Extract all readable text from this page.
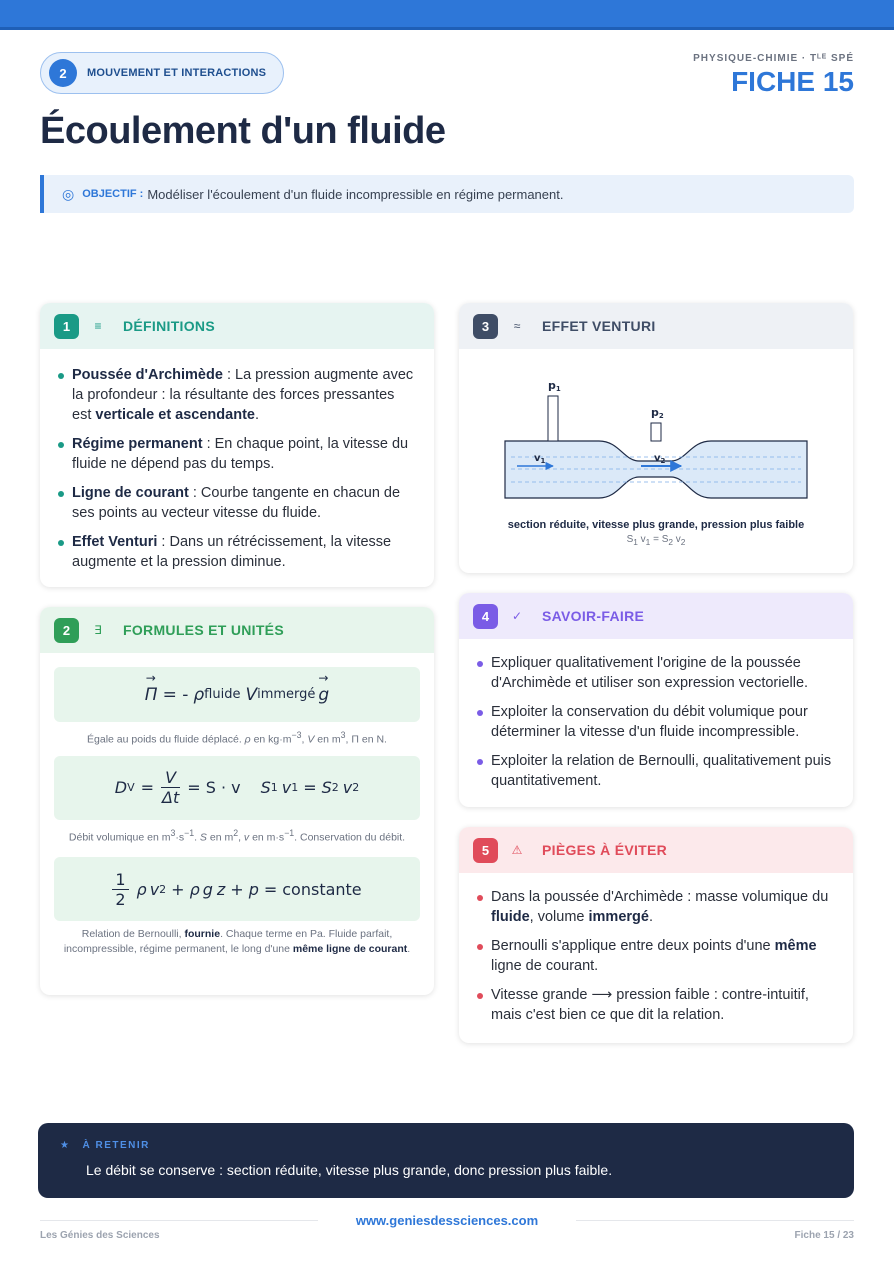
2	MOUVEMENT ET INTERACTIONS
PHYSIQUE-CHIMIE · Tᴸᴱ SPÉ
FICHE 15
Écoulement d'un fluide
◎ OBJECTIF : Modéliser l'écoulement d'un fluide incompressible en régime permanent.
1	≡ DÉFINITIONS
Poussée d'Archimède : La pression augmente avec la profondeur : la résultante des forces pressantes est verticale et ascendante.
Régime permanent : En chaque point, la vitesse du fluide ne dépend pas du temps.
Ligne de courant : Courbe tangente en chacun de ses points au vecteur vitesse du fluide.
Effet Venturi : Dans un rétrécissement, la vitesse augmente et la pression diminue.
2	∃ FORMULES ET UNITÉS
→
Π = - ρ fluide V immergé
→
g
Égale au poids du fluide déplacé. ρ en $kg\cdot m^{-3}$, V en $m^3$, Π en N.
D $V = \frac{V}{\Delta t} = S \cdot v$ S 1 v 1 = S 2 v 2
Débit volumique en $m^3\cdot s^{-1}$. S en $m^2$, v en $m\cdot s^{-1}$. Conservation du débit.
1
2
ρ v 2 + ρ g z + p = constante
Relation de Bernoulli, fournie. Chaque terme en Pa. Fluide parfait, incompressible, régime permanent, le long d'une même ligne de courant.
3	≈ EFFET VENTURI
p1
p2
$v_1$	$v_2$
section réduite, vitesse plus grande, pression plus faible
$S_1$ $v_1 = S_2$ $v_2$
4	✓ SAVOIR-FAIRE
Expliquer qualitativement l'origine de la poussée d'Archimède et utiliser son expression vectorielle.
Exploiter la conservation du débit volumique pour déterminer la vitesse d'un fluide incompressible.
Exploiter la relation de Bernoulli, qualitativement puis quantitativement.
5	⚠ PIÈGES À ÉVITER
Dans la poussée d'Archimède : masse volumique du fluide, volume immergé.
Bernoulli s'applique entre deux points d'une même ligne de courant.
Vitesse grande ⟶ pression faible : contre-intuitif, mais c'est bien ce que dit la relation.
★ À RETENIR
Le débit se conserve : section réduite, vitesse plus grande, donc pression plus faible.
Les Génies des Sciences
www.geniesdessciences.com
Fiche 15 / 23
